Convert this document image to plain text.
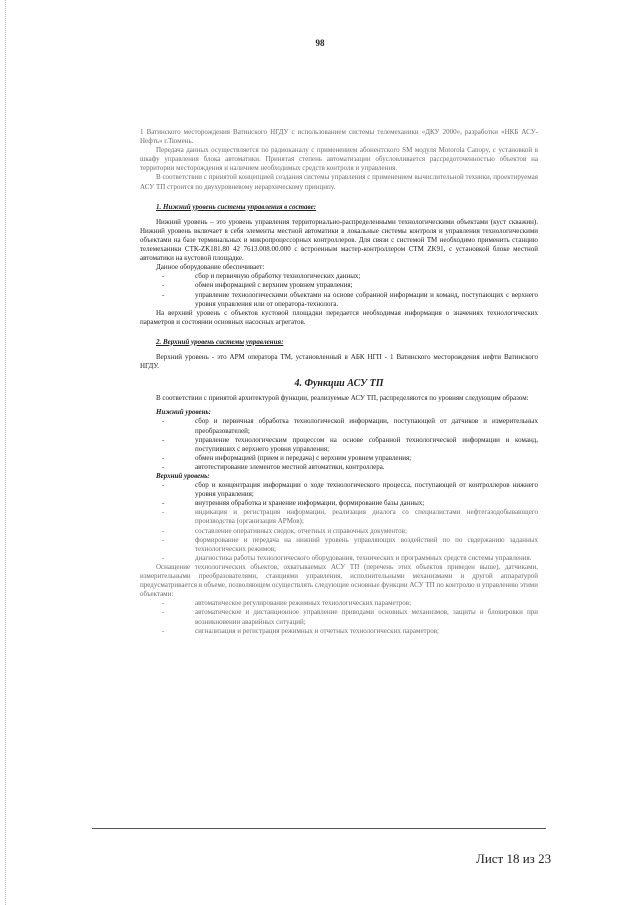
98

1 Ватинского месторождения Ватинского НГДУ с использованием системы телемеханики «ДКУ 2000», разработки «НКБ АСУ-Нефть» г.Тюмень.

Передача данных осуществляется по радиоканалу с применением абонентского SM модуля Motorola Canopy, с установкой в шкафу управления блока автоматики. Принятая степень автоматизации обусловливается рассредоточенностью объектов на территории месторождения и наличием необходимых средств контроля и управления.

В соответствии с принятой концепцией создания системы управления с применением вычислительной техники, проектируемая АСУ ТП строится по двухуровневому иерархическому принципу.

1. Нижний уровень системы управления в составе:

Нижний уровень – это уровень управления территориально-распределенными технологическими объектами (куст скважин). Нижний уровень включает в себя элементы местной автоматики в локальные системы контроля и управления технологическими объектами на базе терминальных и микропроцессорных контроллеров. Для связи с системой ТМ необходимо применить станцию телемеханики СТК-ZK181.80 42 7613.008.00.000 с встроенным мастер-контроллером СТМ ZK91, с установкой блоке местной автоматики на кустовой площадке.

Данное оборудование обеспечивает:

-	сбор и первичную обработку технологических данных;

-	обмен информацией с верхним уровнем управления;

-	управление технологическими объектами на основе собранной информации и команд, поступающих с верхнего уровня управления или от оператора-технолога.

На верхний уровень с объектов кустовой площадки передается необходимая информация о значениях технологических параметров и состоянии основных насосных агрегатов.

2. Верхний уровень системы управления:

Верхний уровень - это АРМ оператора ТМ, установленный в АБК НГП - 1 Ватинского месторождения нефти Ватинского НГДУ.

4. Функции АСУ ТП

В соответствии с принятой архитектурой функции, реализуемые АСУ ТП, распределяются по уровням следующим образом:

Нижний уровень:

-	сбор и первичная обработка технологической информации, поступающей от датчиков и измерительных преобразователей;

-	управление технологическим процессом на основе собранной технологической информации и команд, поступивших с верхнего уровня управления;

-	обмен информацией (прием и передача) с верхним уровнем управления;

-	автотестирование элементов местной автоматики, контроллера.

Верхний уровень:

-	сбор и концентрация информации о ходе технологического процесса, поступающей от контроллеров нижнего уровня управления;

-	внутренняя обработка и хранение информации, формирование базы данных;

-	индикация и регистрация информации, реализация диалога со специалистами нефтегазодобывающего производства (организация АРМов);

-	составление оперативных сводок, отчетных и справочных документов;

-	формирование и передача на нижний уровень управляющих воздействий по по свдержанию заданных технологических режимов;

-	диагностика работы технологического оборудования, технических и программных средств системы управления.

Оснащение технологических объектов, охватываемых АСУ ТП (перечень этих объектов приведен выше), датчиками, измерительными преобразователями, станциями управления, исполнительными механизмами и другой аппаратурой предусматривается в объеме, позволяющем осуществлять следующие основные функции АСУ ТП по контролю и управлению этими объектами:

-	автоматическое регулирование режимных технологических параметров;

-	автоматическое и дистанционное управление приводами основных механизмов, защиты и блокировки при возникновении аварийных ситуаций;

-	сигнализация и регистрация режимных и отчетных технологических параметров;

Лист 18 из 23
